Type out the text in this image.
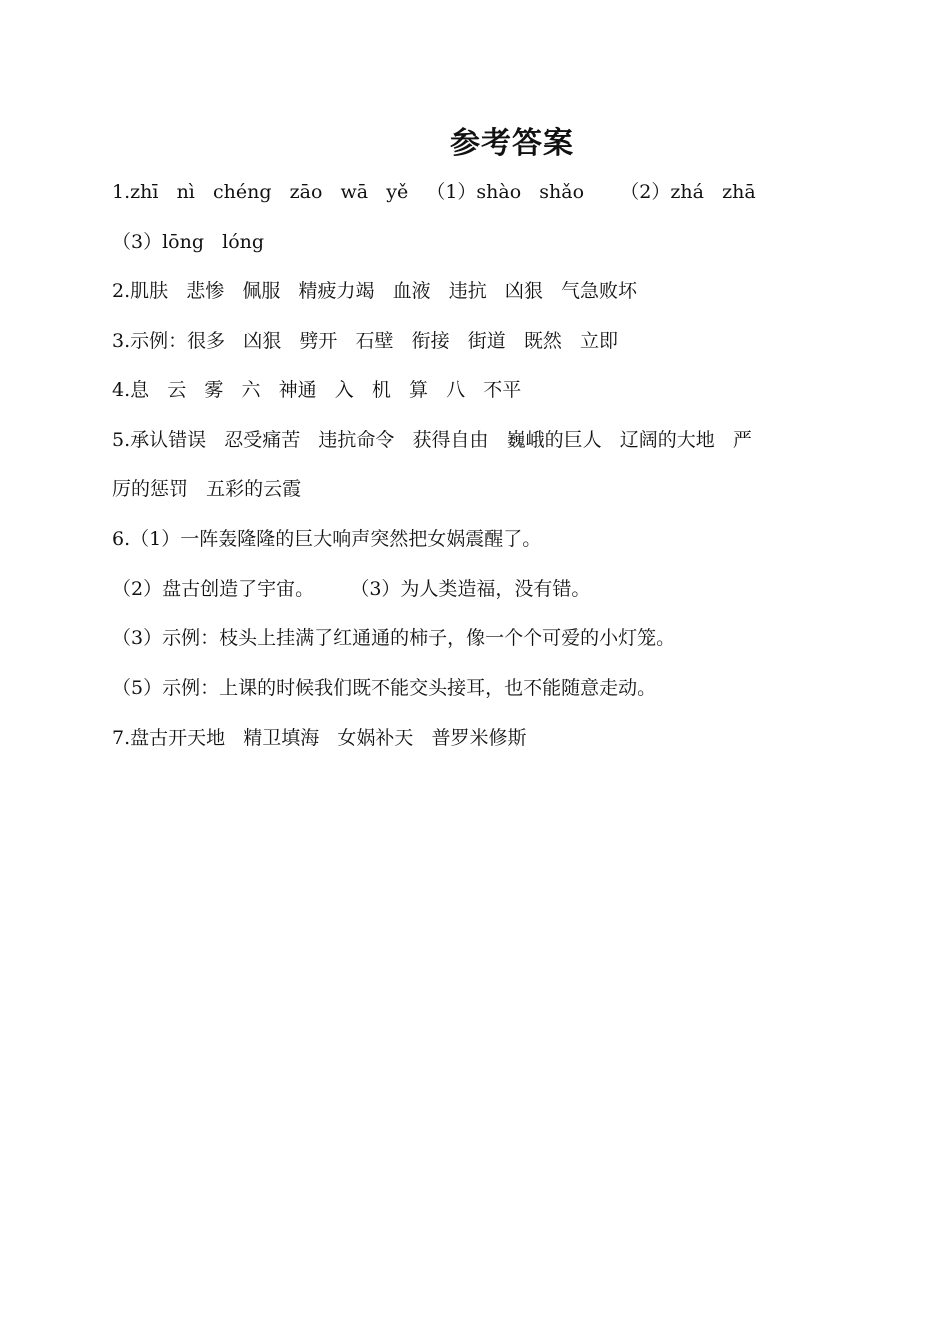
参考答案
1.zhī   nì   chéng   zāo   wā   yě   （1）shào   shǎo      （2）zhá   zhā
（3）lōng   lóng
2.肌肤   悲惨   佩服   精疲力竭   血液   违抗   凶狠   气急败坏
3.示例：很多   凶狠   劈开   石壁   衔接   街道   既然   立即
4.息   云   雾   六   神通   入   机   算   八   不平
5.承认错误   忍受痛苦   违抗命令   获得自由   巍峨的巨人   辽阔的大地   严
厉的惩罚   五彩的云霞
6.（1）一阵轰隆隆的巨大响声突然把女娲震醒了。
（2）盘古创造了宇宙。      （3）为人类造福，没有错。
（3）示例：枝头上挂满了红通通的柿子，像一个个可爱的小灯笼。
（5）示例：上课的时候我们既不能交头接耳，也不能随意走动。
7.盘古开天地   精卫填海   女娲补天   普罗米修斯
